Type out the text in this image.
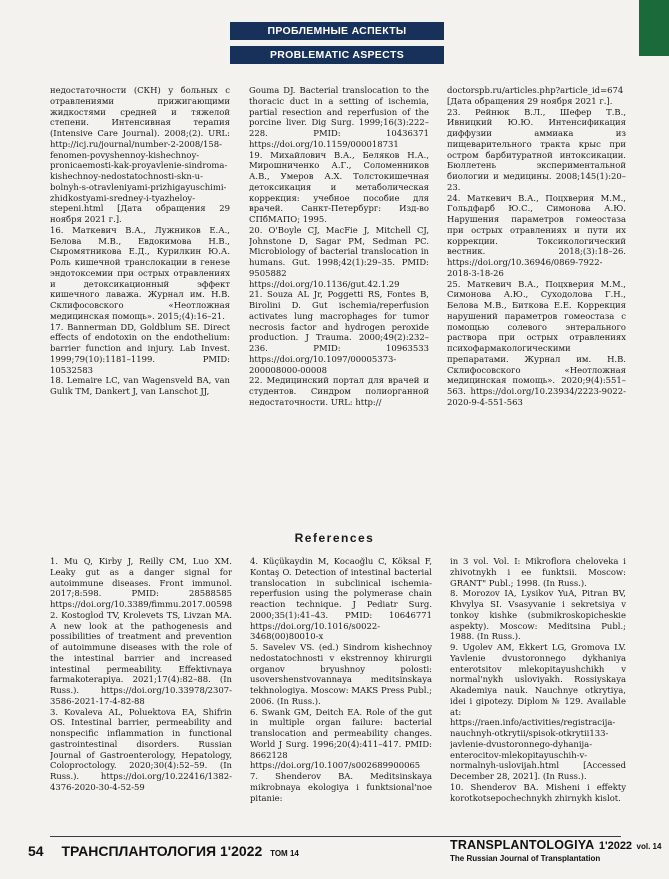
ПРОБЛЕМНЫЕ АСПЕКТЫ
PROBLEMATIC ASPECTS

недостаточности (СКН) у больных с отравлениями прижигающими жидкостями средней и тяжелой степени. Интенсивная терапия (Intensive Care Journal). 2008;(2). URL: http://icj.ru/journal/number-2-2008/158-fenomen-povyshennoy-kishechnoy-pronicaemosti-kak-proyavlenie-sindroma-kishechnoy-nedostatochnosti-skn-u-bolnyh-s-otravleniyami-prizhigayuschimi-zhidkostyami-sredney-i-tyazheloy-stepeni.html [Дата обращения 29 ноября 2021 г.].

16. Маткевич В.А., Лужников Е.А., Белова М.В., Евдокимова Н.В., Сыромятникова Е.Д., Курилкин Ю.А. Роль кишечной транслокации в генезе эндотоксемии при острых отравлениях и детоксикационный эффект кишечного лаважа. Журнал им. Н.В. Склифосовского «Неотложная медицинская помощь». 2015;(4):16–21.

17. Bannerman DD, Goldblum SE. Direct effects of endotoxin on the endothelium: barrier function and injury. Lab Invest. 1999;79(10):1181–1199. PMID: 10532583

18. Lemaire LC, van Wagensveld BA, van Gulik TM, Dankert J, van Lanschot JJ,

Gouma DJ. Bacterial translocation to the thoracic duct in a setting of ischemia, partial resection and reperfusion of the porcine liver. Dig Surg. 1999;16(3):222–228. PMID: 10436371 https://doi.org/10.1159/000018731

19. Михайлович В.А., Беляков Н.А., Мирошниченко А.Г., Соломенников А.В., Умеров А.Х. Толстокишечная детоксикация и метаболическая коррекция: учебное пособие для врачей. Санкт-Петербург: Изд-во СПбМАПО; 1995.

20. O'Boyle CJ, MacFie J, Mitchell CJ, Johnstone D, Sagar PM, Sedman PC. Microbiology of bacterial translocation in humans. Gut. 1998;42(1):29–35. PMID: 9505882 https://doi.org/10.1136/gut.42.1.29

21. Souza AL Jr, Poggetti RS, Fontes B, Birolini D. Gut ischemia/reperfusion activates lung macrophages for tumor necrosis factor and hydrogen peroxide production. J Trauma. 2000;49(2):232–236. PMID: 10963533 https://doi.org/10.1097/00005373-200008000-00008

22. Медицинский портал для врачей и студентов. Синдром полиорганной недостаточности. URL: http://

doctorspb.ru/articles.php?article_id=674 [Дата обращения 29 ноября 2021 г.].

23. Рейнюк В.Л., Шефер Т.В., Ивницкий Ю.Ю. Интенсификация диффузии аммиака из пищеварительного тракта крыс при остром барбитуратной интоксикации. Бюллетень экспериментальной биологии и медицины. 2008;145(1):20–23.

24. Маткевич В.А., Поцхверия М.М., Гольдфарб Ю.С., Симонова А.Ю. Нарушения параметров гомеостаза при острых отравлениях и пути их коррекции. Токсикологический вестник. 2018;(3):18–26. https://doi.org/10.36946/0869-7922-2018-3-18-26

25. Маткевич В.А., Поцхверия М.М., Симонова А.Ю., Суходолова Г.Н., Белова М.В., Биткова Е.Е. Коррекция нарушений параметров гомеостаза с помощью солевого энтерального раствора при острых отравлениях психофармакологическими препаратами. Журнал им. Н.В. Склифосовского «Неотложная медицинская помощь». 2020;9(4):551–563. https://doi.org/10.23934/2223-9022-2020-9-4-551-563

References

1. Mu Q, Kirby J, Reilly CM, Luo XM. Leaky gut as a danger signal for autoimmune diseases. Front immunol. 2017;8:598. PMID: 28588585 https://doi.org/10.3389/fimmu.2017.00598

2. Kostoglod TV, Krolevets TS, Livzan MA. A new look at the pathogenesis and possibilities of treatment and prevention of autoimmune diseases with the role of the intestinal barrier and increased intestinal permeability. Effektivnaya farmakoterapiya. 2021;17(4):82–88. (In Russ.). https://doi.org/10.33978/2307-3586-2021-17-4-82-88

3. Kovaleva AL, Poluektova EA, Shifrin OS. Intestinal barrier, permeability and nonspecific inflammation in functional gastrointestinal disorders. Russian Journal of Gastroenterology, Hepatology, Coloproctology. 2020;30(4):52–59. (In Russ.). https://doi.org/10.22416/1382-4376-2020-30-4-52-59

4. Küçükaydin M, Kocaoğlu C, Köksal F, Kontaş O. Detection of intestinal bacterial translocation in subclinical ischemia-reperfusion using the polymerase chain reaction technique. J Pediatr Surg. 2000;35(1):41–43. PMID: 10646771 https://doi.org/10.1016/s0022-3468(00)80010-x

5. Savelev VS. (ed.) Sindrom kishechnoy nedostatochnosti v ekstrennoy khirurgii organov bryushnoy polosti: usovershenstvovannaya meditsinskaya tekhnologiya. Moscow: MAKS Press Publ.; 2006. (In Russ.).

6. Swank GM, Deitch EA. Role of the gut in multiple organ failure: bacterial translocation and permeability changes. World J Surg. 1996;20(4):411–417. PMID: 8662128 https://doi.org/10.1007/s002689900065

7. Shenderov BA. Meditsinskaya mikrobnaya ekologiya i funktsional'noe pitanie:

in 3 vol. Vol. I: Mikroflora cheloveka i zhivotnykh i ee funktsii. Moscow: GRANT" Publ.; 1998. (In Russ.).

8. Morozov IA, Lysikov YuA, Pitran BV, Khvylya SI. Vsasyvanie i sekretsiya v tonkoy kishke (submikroskopicheskie aspekty). Moscow: Meditsina Publ.; 1988. (In Russ.).

9. Ugolev AM, Ekkert LG, Gromova LV. Yavlenie dvustoronnego dykhaniya enterotsitov mlekopitayushchikh v normal'nykh usloviyakh. Rossiyskaya Akademiya nauk. Nauchnye otkrytiya, idei i gipotezy. Diplom № 129. Available at: https://raen.info/activities/registracija-nauchnyh-otkrytii/spisok-otkrytii133-javlenie-dvustoronnego-dyhanija-enterocitov-mlekopitayuschih-v-normalnyh-uslovijah.html [Accessed December 28, 2021]. (In Russ.).

10. Shenderov BA. Misheni i effekty korotkotsepochechnykh zhirnykh kislot.

54 ТРАНСПЛАНТОЛОГИЯ 1'2022 ТОМ 14
TRANSPLANTOLOGIYA 1'2022 vol. 14
The Russian Journal of Transplantation
